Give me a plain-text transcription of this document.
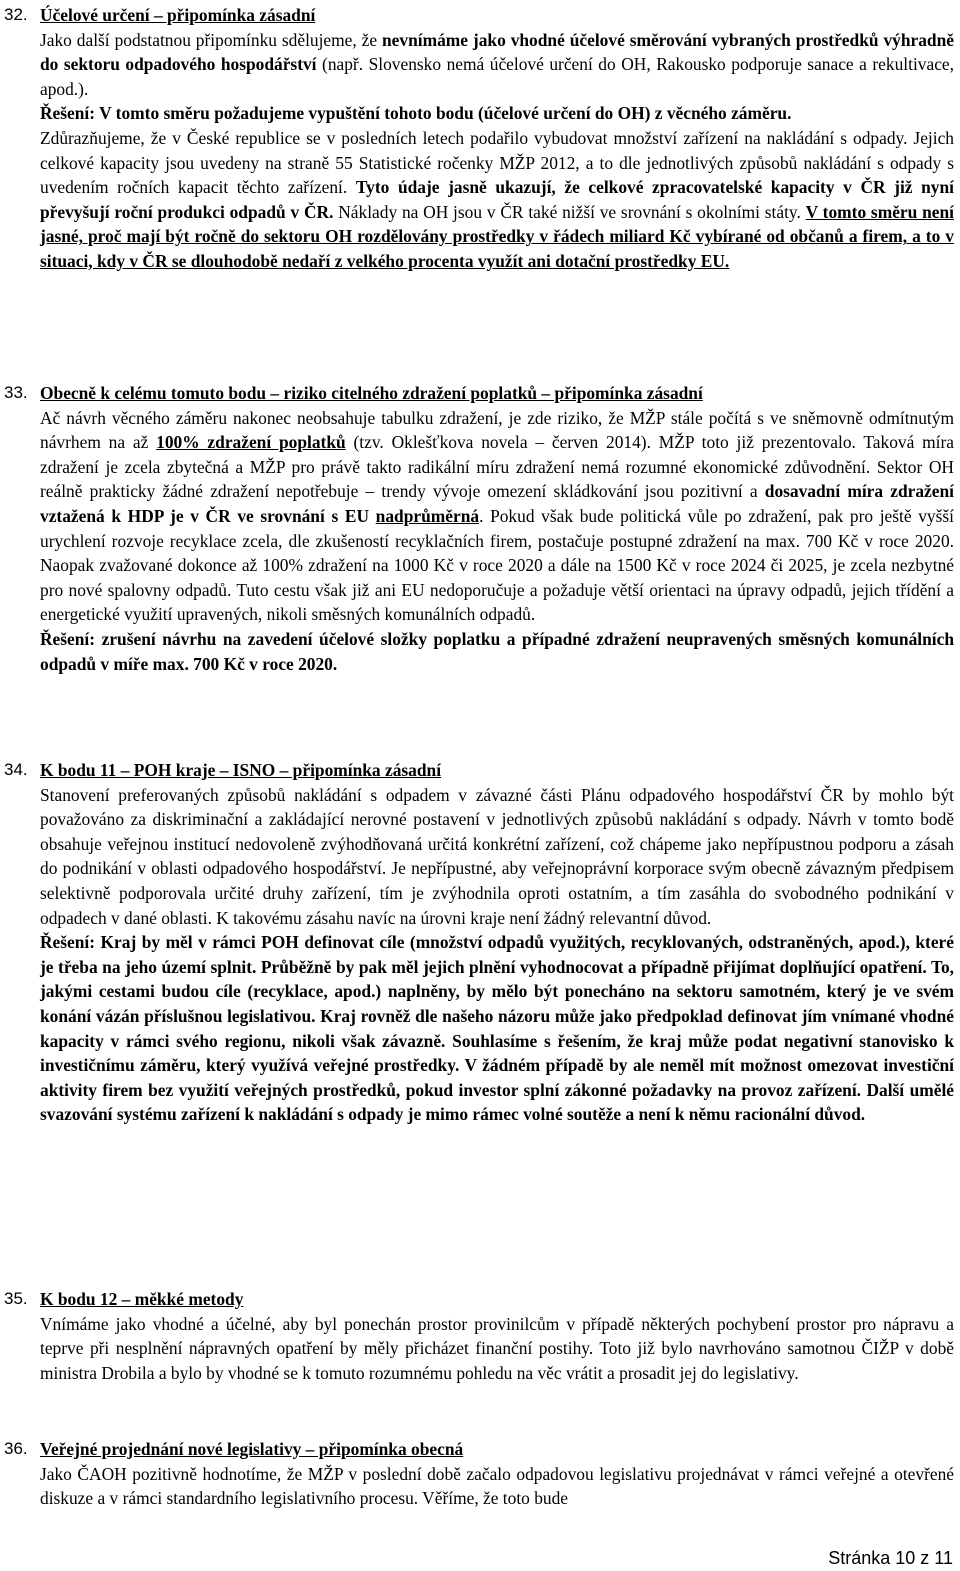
32. Účelové určení – připomínka zásadní

Jako další podstatnou připomínku sdělujeme, že nevnímáme jako vhodné účelové směrování vybraných prostředků výhradně do sektoru odpadového hospodářství (např. Slovensko nemá účelové určení do OH, Rakousko podporuje sanace a rekultivace, apod.).

Řešení: V tomto směru požadujeme vypuštění tohoto bodu (účelové určení do OH) z věcného záměru.

Zdůrazňujeme, že v České republice se v posledních letech podařilo vybudovat množství zařízení na nakládání s odpady. Jejich celkové kapacity jsou uvedeny na straně 55 Statistické ročenky MŽP 2012, a to dle jednotlivých způsobů nakládání s odpady s uvedením ročních kapacit těchto zařízení. Tyto údaje jasně ukazují, že celkové zpracovatelské kapacity v ČR již nyní převyšují roční produkci odpadů v ČR. Náklady na OH jsou v ČR také nižší ve srovnání s okolními státy. V tomto směru není jasné, proč mají být ročně do sektoru OH rozdělovány prostředky v řádech miliard Kč vybírané od občanů a firem, a to v situaci, kdy v ČR se dlouhodobě nedaří z velkého procenta využít ani dotační prostředky EU.

33. Obecně k celému tomuto bodu – riziko citelného zdražení poplatků – připomínka zásadní

Ač návrh věcného záměru nakonec neobsahuje tabulku zdražení, je zde riziko, že MŽP stále počítá s ve sněmovně odmítnutým návrhem na až 100% zdražení poplatků (tzv. Oklešťkova novela – červen 2014). MŽP toto již prezentovalo. Taková míra zdražení je zcela zbytečná a MŽP pro právě takto radikální míru zdražení nemá rozumné ekonomické zdůvodnění. Sektor OH reálně prakticky žádné zdražení nepotřebuje – trendy vývoje omezení skládkování jsou pozitivní a dosavadní míra zdražení vztažená k HDP je v ČR ve srovnání s EU nadprůměrná. Pokud však bude politická vůle po zdražení, pak pro ještě vyšší urychlení rozvoje recyklace zcela, dle zkušeností recyklačních firem, postačuje postupné zdražení na max. 700 Kč v roce 2020. Naopak zvažované dokonce až 100% zdražení na 1000 Kč v roce 2020 a dále na 1500 Kč v roce 2024 či 2025, je zcela nezbytné pro nové spalovny odpadů. Tuto cestu však již ani EU nedoporučuje a požaduje větší orientaci na úpravy odpadů, jejich třídění a energetické využití upravených, nikoli směsných komunálních odpadů.

Řešení: zrušení návrhu na zavedení účelové složky poplatku a případné zdražení neupravených směsných komunálních odpadů v míře max. 700 Kč v roce 2020.

34. K bodu 11 – POH kraje – ISNO – připomínka zásadní

Stanovení preferovaných způsobů nakládání s odpadem v závazné části Plánu odpadového hospodářství ČR by mohlo být považováno za diskriminační a zakládající nerovné postavení v jednotlivých způsobů nakládání s odpady. Návrh v tomto bodě obsahuje veřejnou institucí nedovoleně zvýhodňovaná určitá konkrétní zařízení, což chápeme jako nepřípustnou podporu a zásah do podnikání v oblasti odpadového hospodářství. Je nepřípustné, aby veřejnoprávní korporace svým obecně závazným předpisem selektivně podporovala určité druhy zařízení, tím je zvýhodnila oproti ostatním, a tím zasáhla do svobodného podnikání v odpadech v dané oblasti. K takovému zásahu navíc na úrovni kraje není žádný relevantní důvod.

Řešení: Kraj by měl v rámci POH definovat cíle (množství odpadů využitých, recyklovaných, odstraněných, apod.), které je třeba na jeho území splnit. Průběžně by pak měl jejich plnění vyhodnocovat a případně přijímat doplňující opatření. To, jakými cestami budou cíle (recyklace, apod.) naplněny, by mělo být ponecháno na sektoru samotném, který je ve svém konání vázán příslušnou legislativou. Kraj rovněž dle našeho názoru může jako předpoklad definovat jím vnímané vhodné kapacity v rámci svého regionu, nikoli však závazně. Souhlasíme s řešením, že kraj může podat negativní stanovisko k investičnímu záměru, který využívá veřejné prostředky. V žádném případě by ale neměl mít možnost omezovat investiční aktivity firem bez využití veřejných prostředků, pokud investor splní zákonné požadavky na provoz zařízení. Další umělé svazování systému zařízení k nakládání s odpady je mimo rámec volné soutěže a není k němu racionální důvod.

35. K bodu 12 – měkké metody

Vnímáme jako vhodné a účelné, aby byl ponechán prostor provinilcům v případě některých pochybení prostor pro nápravu a teprve při nesplnění nápravných opatření by měly přicházet finanční postihy. Toto již bylo navrhováno samotnou ČIŽP v době ministra Drobila a bylo by vhodné se k tomuto rozumnému pohledu na věc vrátit a prosadit jej do legislativy.

36. Veřejné projednání nové legislativy – připomínka obecná

Jako ČAOH pozitivně hodnotíme, že MŽP v poslední době začalo odpadovou legislativu projednávat v rámci veřejné a otevřené diskuze a v rámci standardního legislativního procesu. Věříme, že toto bude

Stránka 10 z 11
